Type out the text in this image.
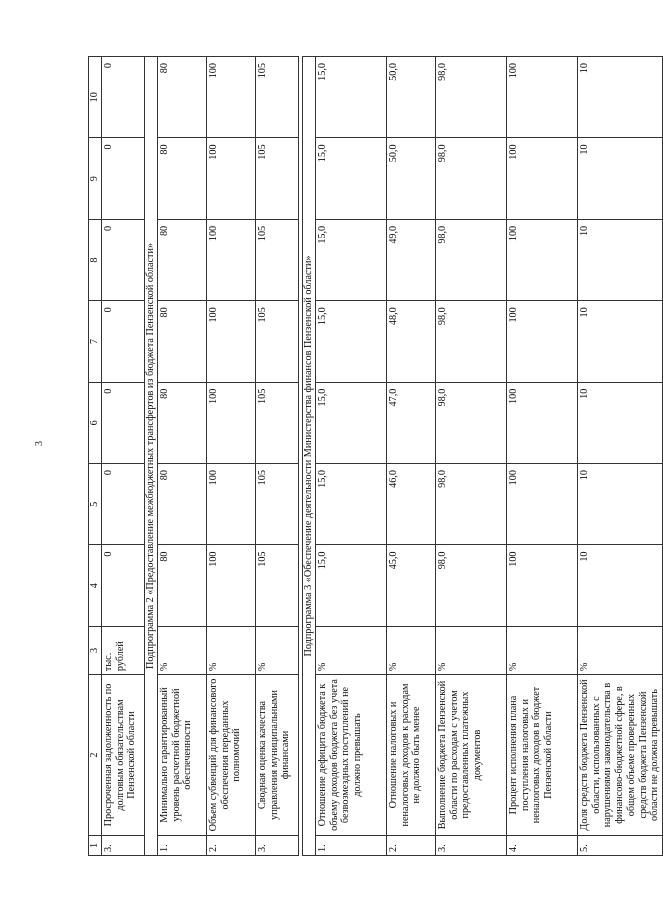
3
1	2	3	4	5	6	7	8	9	10
3.	Просроченная задолженность по долговым обязательствам Пензенской области	тыс. рублей	0	0	0	0	0	0	0
Подпрограмма 2 «Предоставление межбюджетных трансфертов из бюджета Пензенской области»									
1.	Минимально гарантированный уровень расчетной бюджетной обеспеченности	%	80	80	80	80	80	80	80
2.	Объем субвенций для финансового обеспечения переданных полномочий	%	100	100	100	100	100	100	100
3.	Сводная оценка качества управления муниципальными финансами	%	105	105	105	105	105	105	105

Подпрограмма 3 «Обеспечение деятельности Министерства финансов Пензенской области»									
1.	Отношение дефицита бюджета к объему доходов бюджета без учета безвозмездных поступлений не должно превышать	%	15,0	15,0	15,0	15,0	15,0	15,0	15,0
2.	Отношение налоговых и неналоговых доходов к расходам не должно быть менее	%	45,0	46,0	47,0	48,0	49,0	50,0	50,0
3.	Выполнение бюджета Пензенской области по расходам с учетом предоставленных платежных документов	%	98,0	98,0	98,0	98,0	98,0	98,0	98,0
4.	Процент исполнения плана поступления налоговых и неналоговых доходов в бюджет Пензенской области	%	100	100	100	100	100	100	100
5.	Доля средств бюджета Пензенской области, использованных с нарушениями законодательства в финансово-бюджетной сфере, в общем объеме проверенных средств бюджета Пензенской области не должна превышать	%	10	10	10	10	10	10	10
